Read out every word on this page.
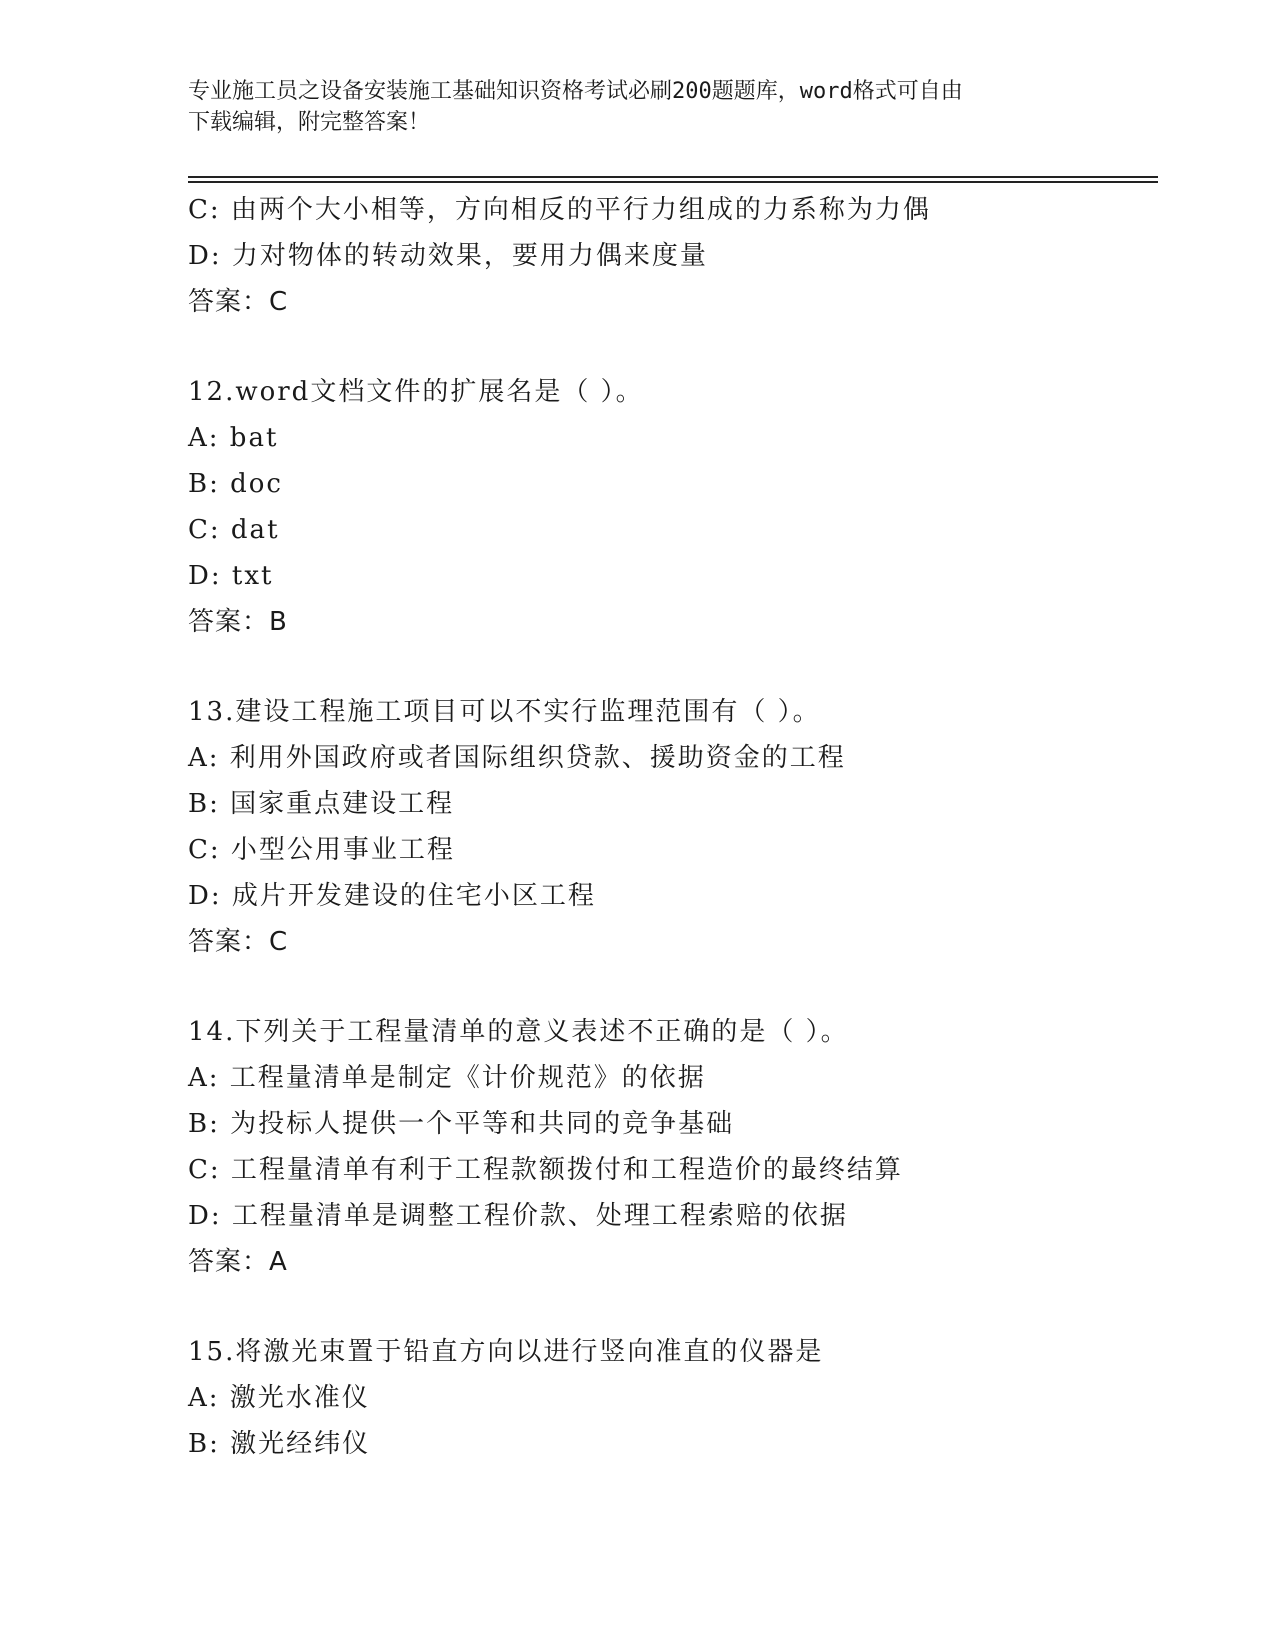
专业施工员之设备安装施工基础知识资格考试必刷200题题库，word格式可自由
下载编辑，附完整答案！
C: 由两个大小相等，方向相反的平行力组成的力系称为力偶
D: 力对物体的转动效果，要用力偶来度量
答案：C
12.word文档文件的扩展名是（ ）。
A: bat
B: doc
C: dat
D: txt
答案：B
13.建设工程施工项目可以不实行监理范围有（ ）。
A: 利用外国政府或者国际组织贷款、援助资金的工程
B: 国家重点建设工程
C: 小型公用事业工程
D: 成片开发建设的住宅小区工程
答案：C
14.下列关于工程量清单的意义表述不正确的是（ ）。
A: 工程量清单是制定《计价规范》的依据
B: 为投标人提供一个平等和共同的竞争基础
C: 工程量清单有利于工程款额拨付和工程造价的最终结算
D: 工程量清单是调整工程价款、处理工程索赔的依据
答案：A
15.将激光束置于铅直方向以进行竖向准直的仪器是
A: 激光水准仪
B: 激光经纬仪
